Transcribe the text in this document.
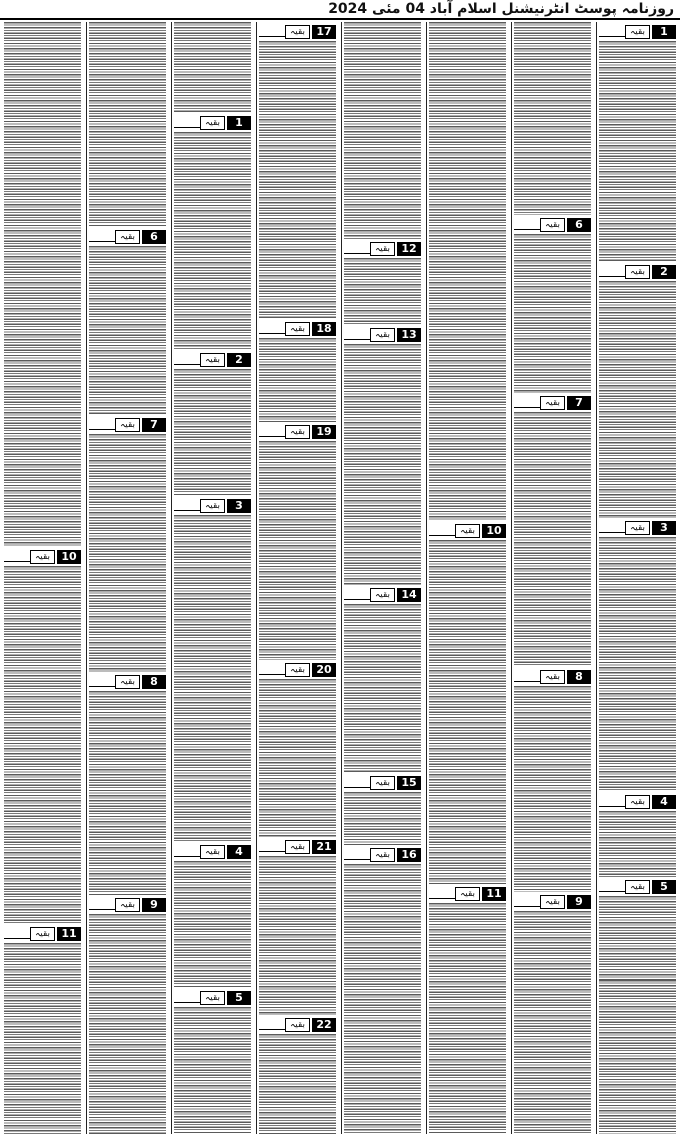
روزنامہ پوسٹ انٹرنیشنل اسلام آباد 04 مئی 2024
1
بقیہ
2
بقیہ
3
بقیہ
4
بقیہ
5
بقیہ
6
بقیہ
7
بقیہ
8
بقیہ
9
بقیہ
10
بقیہ
11
بقیہ
12
بقیہ
13
بقیہ
14
بقیہ
15
بقیہ
16
بقیہ
17
بقیہ
18
بقیہ
19
بقیہ
20
بقیہ
21
بقیہ
22
بقیہ
1
بقیہ
2
بقیہ
3
بقیہ
4
بقیہ
5
بقیہ
6
بقیہ
7
بقیہ
8
بقیہ
9
بقیہ
10
بقیہ
11
بقیہ
